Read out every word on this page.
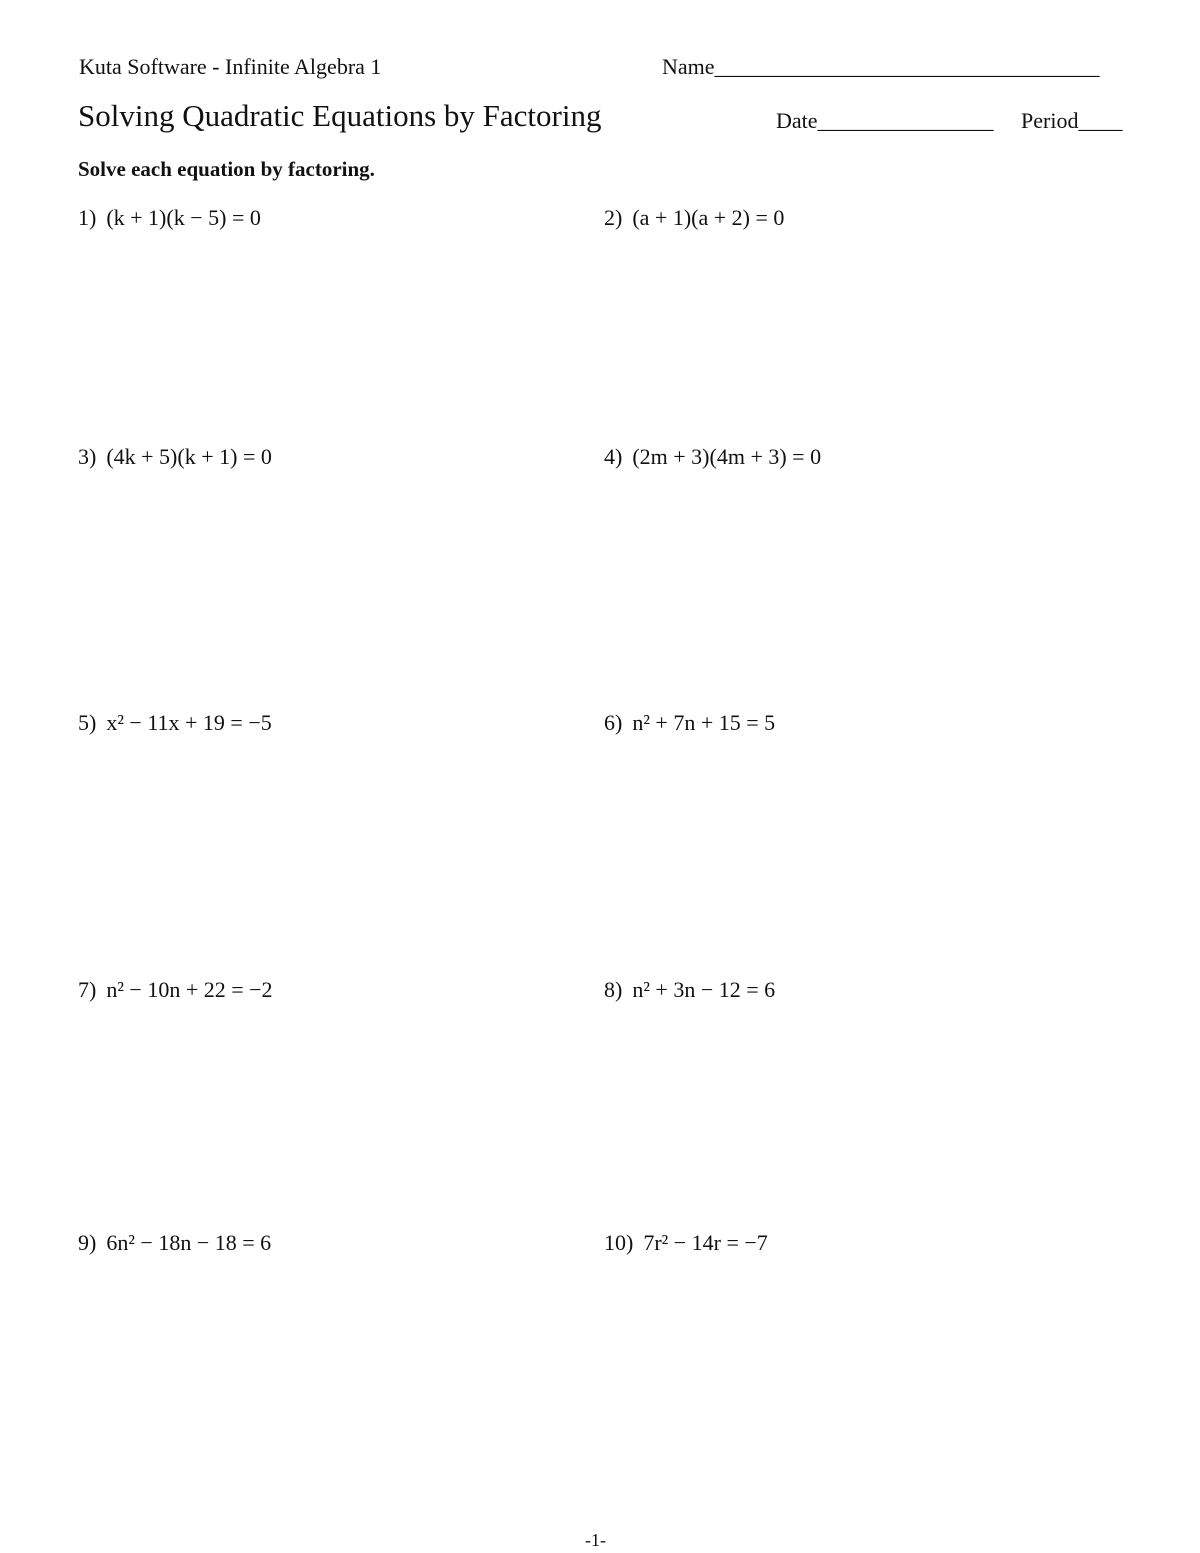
Kuta Software - Infinite Algebra 1	Name___________________________________
Solving Quadratic Equations by Factoring	Date________________ Period____
Solve each equation by factoring.
1) (k + 1)(k − 5) = 0	2) (a + 1)(a + 2) = 0
3) (4k + 5)(k + 1) = 0	4) (2m + 3)(4m + 3) = 0
5) x² − 11x + 19 = −5	6) n² + 7n + 15 = 5
7) n² − 10n + 22 = −2	8) n² + 3n − 12 = 6
9) 6n² − 18n − 18 = 6	10) 7r² − 14r = −7
-1-
